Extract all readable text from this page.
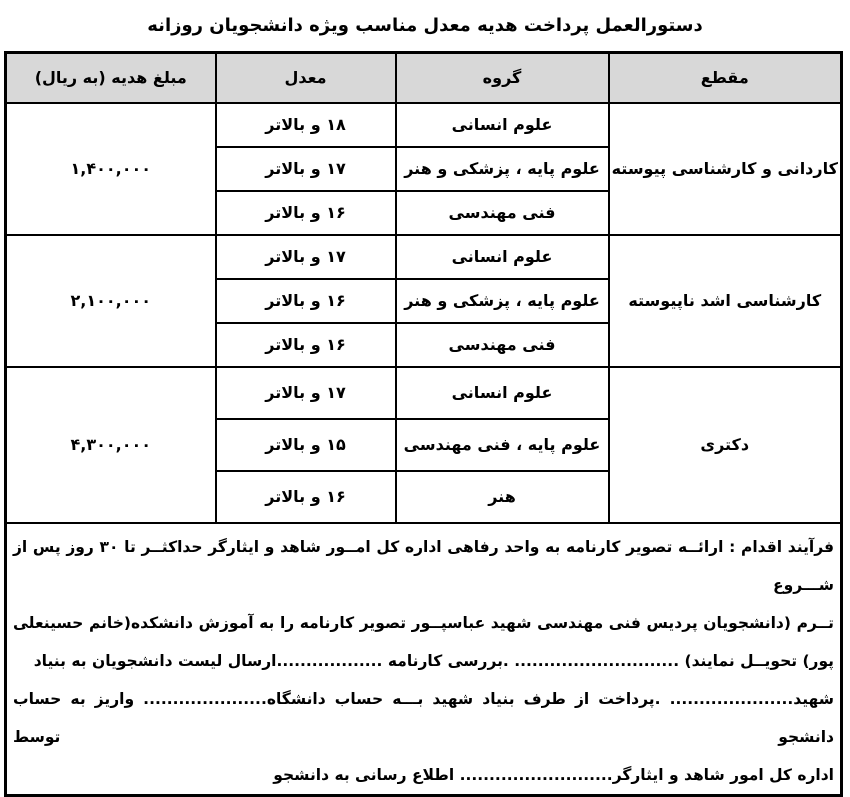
دستورالعمل پرداخت هدیه معدل مناسب ویژه دانشجویان روزانه
مقطع	گروه	معدل	مبلغ هدیه (به ریال)
کاردانی و کارشناسی پیوسته	علوم انسانی	۱۸ و بالاتر	۱,۴۰۰,۰۰۰
	علوم پایه ، پزشکی و هنر	۱۷ و بالاتر	
	فنی مهندسی	۱۶ و بالاتر	
کارشناسی اشد ناپیوسته	علوم انسانی	۱۷ و بالاتر	۲,۱۰۰,۰۰۰
	علوم پایه ، پزشکی و هنر	۱۶ و بالاتر	
	فنی مهندسی	۱۶ و بالاتر	
دکتری	علوم انسانی	۱۷ و بالاتر	۴,۳۰۰,۰۰۰
	علوم پایه ، فنی مهندسی	۱۵ و بالاتر	
	هنر	۱۶ و بالاتر	

فرآیند اقدام : ارائــه تصویر کارنامه به واحد رفاهی اداره کل امــور شاهد و ایثارگر حداکثــر تا ۳۰ روز پس از شـــروع
تــرم (دانشجویان پردیس فنی مهندسی شهید عباسپــور تصویر کارنامه را به آموزش دانشکده(خانم حسینعلی
پور) تحویــل نمایند) ............................ .بررسی کارنامه ..................ارسال لیست دانشجویان به بنیاد
شهید..................... .پرداخت از طرف بنیاد شهید بـــه حساب دانشگاه..................... واریز به حساب دانشجو توسط
اداره کل امور شاهد و ایثارگر.......................... اطلاع رسانی به دانشجو			
